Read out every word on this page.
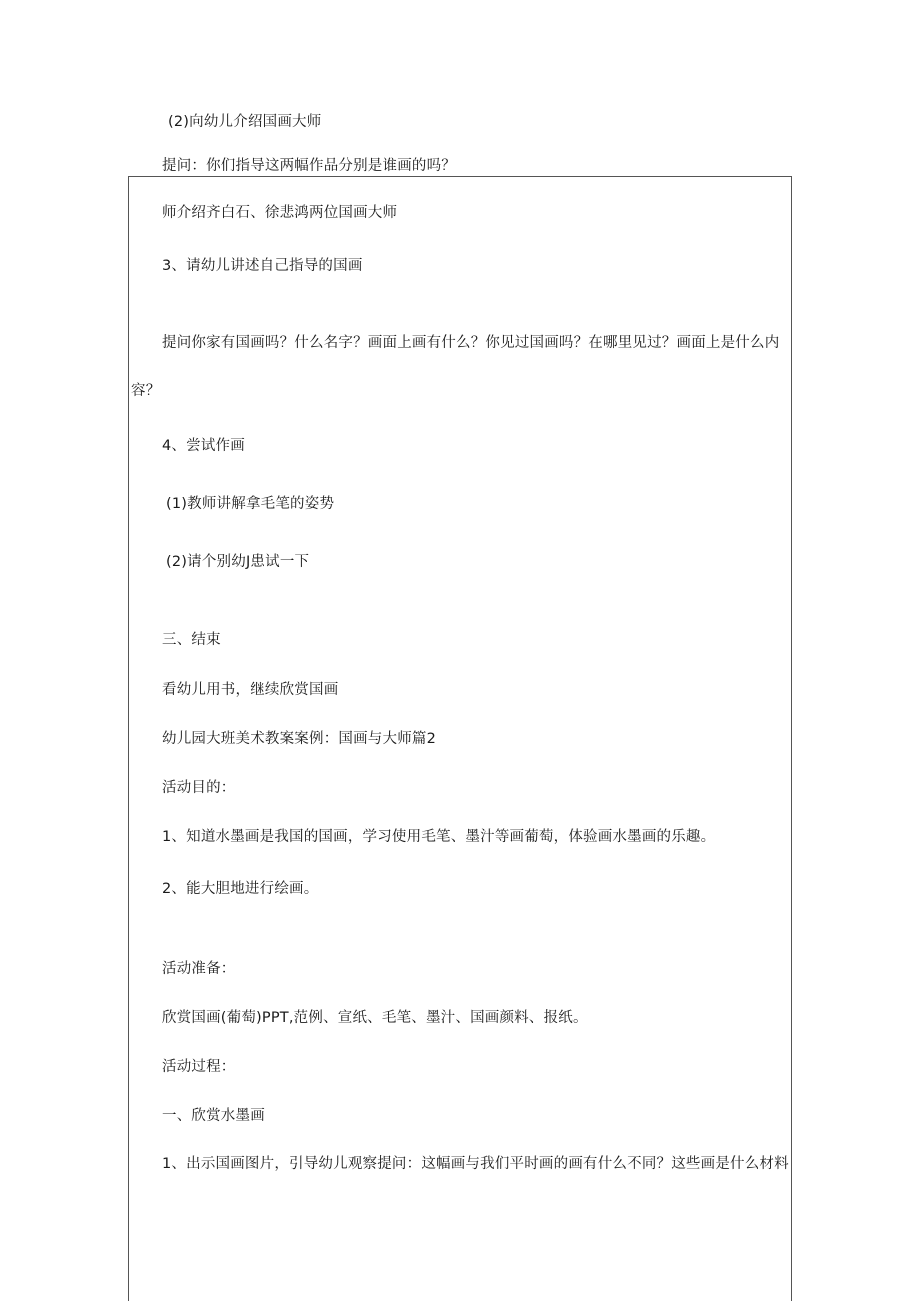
(2)向幼儿介绍国画大师
提问：你们指导这两幅作品分别是谁画的吗？
师介绍齐白石、徐悲鸿两位国画大师
3、请幼儿讲述自己指导的国画
提问你家有国画吗？什么名字？画面上画有什么？你见过国画吗？在哪里见过？画面上是什么内
容？
4、尝试作画
(1)教师讲解拿毛笔的姿势
(2)请个别幼J患试一下
三、结束
看幼儿用书，继续欣赏国画
幼儿园大班美术教案案例：国画与大师篇2
活动目的：
1、知道水墨画是我国的国画，学习使用毛笔、墨汁等画葡萄，体验画水墨画的乐趣。
2、能大胆地进行绘画。
活动准备：
欣赏国画(葡萄)PPT,范例、宣纸、毛笔、墨汁、国画颜料、报纸。
活动过程：
一、欣赏水墨画
1、出示国画图片，引导幼儿观察提问：这幅画与我们平时画的画有什么不同？这些画是什么材料
